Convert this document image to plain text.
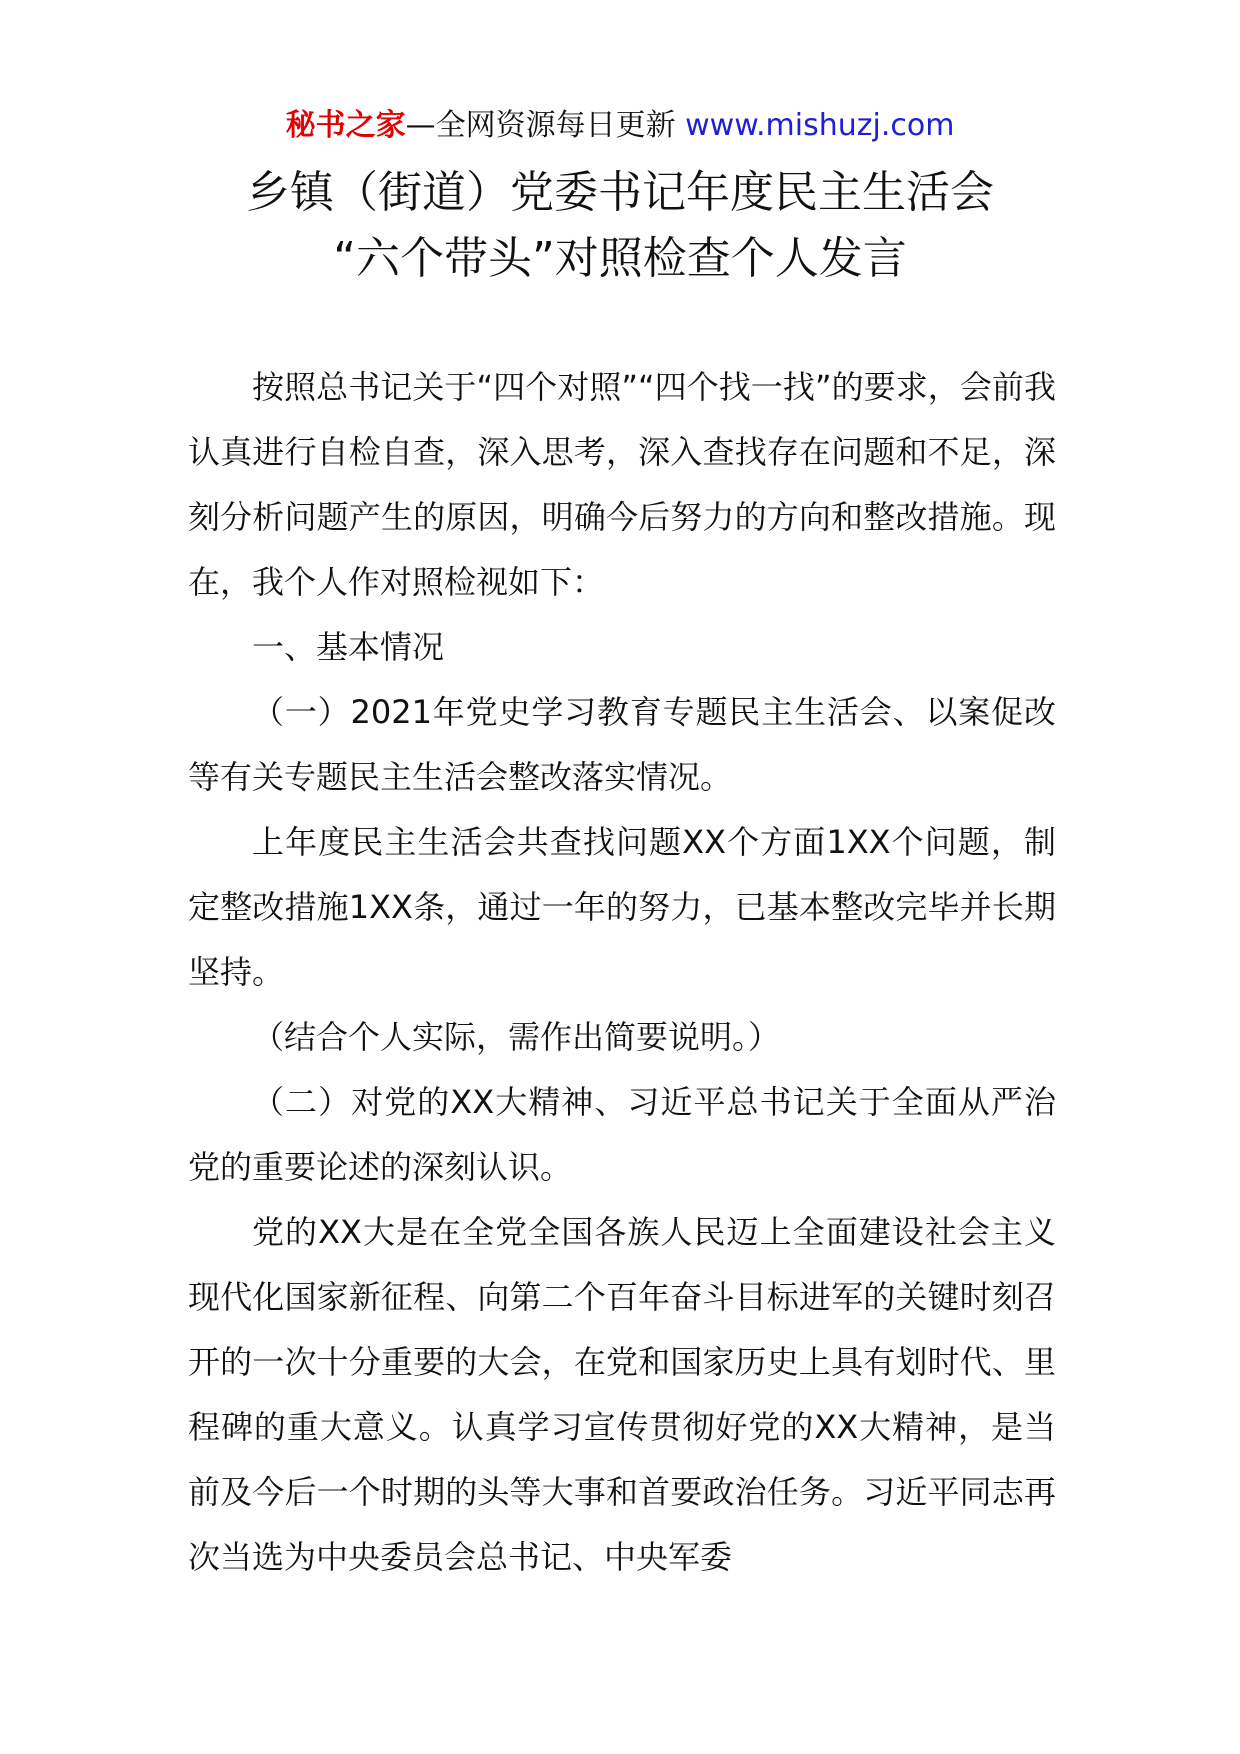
秘书之家—全网资源每日更新 www.mishuzj.com
乡镇（街道）党委书记年度民主生活会
“六个带头”对照检查个人发言

按照总书记关于“四个对照”“四个找一找”的要求，会前我认真进行自检自查，深入思考，深入查找存在问题和不足，深刻分析问题产生的原因，明确今后努力的方向和整改措施。现在，我个人作对照检视如下：

一、基本情况

（一）2021年党史学习教育专题民主生活会、以案促改等有关专题民主生活会整改落实情况。

上年度民主生活会共查找问题XX个方面1XX个问题，制定整改措施1XX条，通过一年的努力，已基本整改完毕并长期坚持。

（结合个人实际，需作出简要说明。）

（二）对党的XX大精神、习近平总书记关于全面从严治党的重要论述的深刻认识。

党的XX大是在全党全国各族人民迈上全面建设社会主义现代化国家新征程、向第二个百年奋斗目标进军的关键时刻召开的一次十分重要的大会，在党和国家历史上具有划时代、里程碑的重大意义。认真学习宣传贯彻好党的XX大精神，是当前及今后一个时期的头等大事和首要政治任务。习近平同志再次当选为中央委员会总书记、中央军委
